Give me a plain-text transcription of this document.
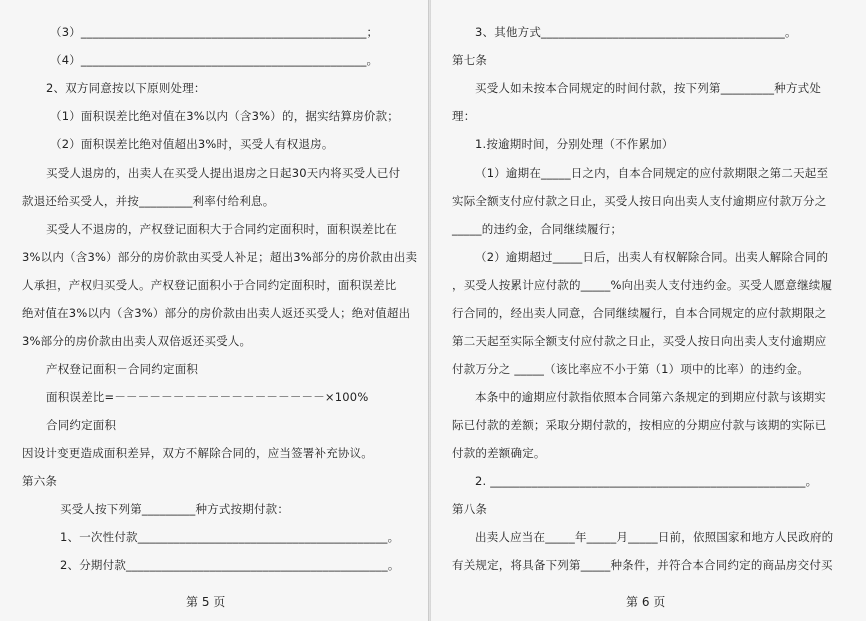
（3）________________________________________________；
（4）________________________________________________。
2、双方同意按以下原则处理：
（1）面积误差比绝对值在3%以内（含3%）的，据实结算房价款；
（2）面积误差比绝对值超出3%时，买受人有权退房。
买受人退房的，出卖人在买受人提出退房之日起30天内将买受人已付
款退还给买受人，并按_________利率付给利息。
买受人不退房的，产权登记面积大于合同约定面积时，面积误差比在
3%以内（含3%）部分的房价款由买受人补足；超出3%部分的房价款由出卖
人承担，产权归买受人。产权登记面积小于合同约定面积时，面积误差比
绝对值在3%以内（含3%）部分的房价款由出卖人返还买受人；绝对值超出
3%部分的房价款由出卖人双倍返还买受人。
产权登记面积－合同约定面积
面积误差比=－－－－－－－－－－－－－－－－－－×100%
合同约定面积
因设计变更造成面积差异，双方不解除合同的，应当签署补充协议。
第六条
买受人按下列第_________种方式按期付款：
1、一次性付款__________________________________________。
2、分期付款____________________________________________。
第 5 页
3、其他方式_________________________________________。
第七条
买受人如未按本合同规定的时间付款，按下列第_________种方式处
理：
1.按逾期时间，分别处理（不作累加）
（1）逾期在_____日之内，自本合同规定的应付款期限之第二天起至
实际全额支付应付款之日止，买受人按日向出卖人支付逾期应付款万分之
_____的违约金，合同继续履行；
（2）逾期超过_____日后，出卖人有权解除合同。出卖人解除合同的
，买受人按累计应付款的_____%向出卖人支付违约金。买受人愿意继续履
行合同的，经出卖人同意，合同继续履行，自本合同规定的应付款期限之
第二天起至实际全额支付应付款之日止，买受人按日向出卖人支付逾期应
付款万分之 _____（该比率应不小于第（1）项中的比率）的违约金。
本条中的逾期应付款指依照本合同第六条规定的到期应付款与该期实
际已付款的差额；采取分期付款的，按相应的分期应付款与该期的实际已
付款的差额确定。
2. _____________________________________________________。
第八条
出卖人应当在_____年_____月_____日前，依照国家和地方人民政府的
有关规定，将具备下列第_____种条件，并符合本合同约定的商品房交付买
第 6 页
